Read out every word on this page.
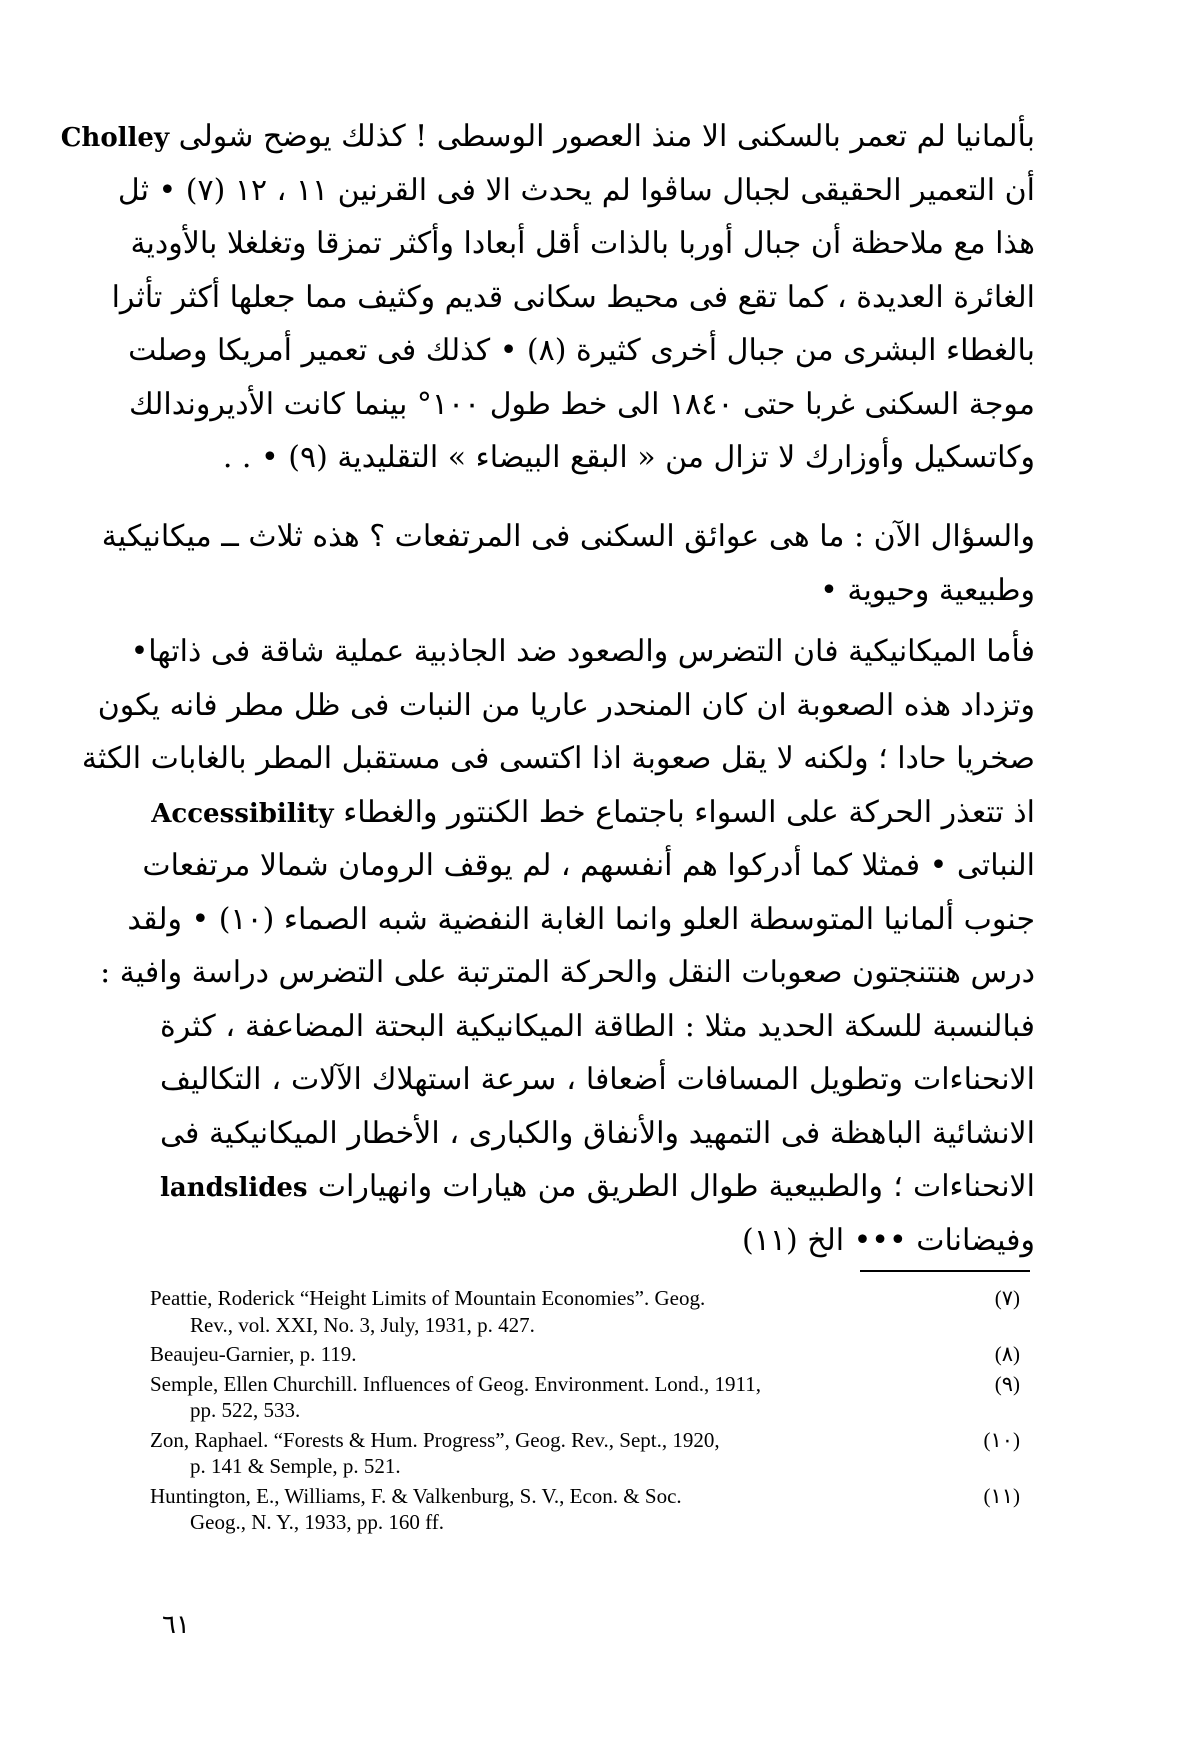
بألمانيا لم تعمر بالسكنى الا منذ العصور الوسطى ! كذلك يوضح شولى Cholley
أن التعمير الحقيقى لجبال ساڤوا لم يحدث الا فى القرنين ١١ ، ١٢ (٧) • ثل
هذا مع ملاحظة أن جبال أوربا بالذات أقل أبعادا وأكثر تمزقا وتغلغلا بالأودية
الغائرة العديدة ، كما تقع فى محيط سكانى قديم وكثيف مما جعلها أكثر تأثرا
بالغطاء البشرى من جبال أخرى كثيرة (٨) • كذلك فى تعمير أمريكا وصلت
موجة السكنى غربا حتى ١٨٤٠ الى خط طول ١٠٠° بينما كانت الأديروندالك
وكاتسكيل وأوزارك لا تزال من « البقع البيضاء » التقليدية (٩) • . .
والسؤال الآن : ما هى عوائق السكنى فى المرتفعات ؟ هذه ثلاث ــ ميكانيكية
وطبيعية وحيوية •
فأما الميكانيكية فان التضرس والصعود ضد الجاذبية عملية شاقة فى ذاتها•
وتزداد هذه الصعوبة ان كان المنحدر عاريا من النبات فى ظل مطر فانه يكون
صخريا حادا ؛ ولكنه لا يقل صعوبة اذا اكتسى فى مستقبل المطر بالغابات الكثة
اذ تتعذر الحركة على السواء باجتماع خط الكنتور والغطاء Accessibility
النباتى • فمثلا كما أدركوا هم أنفسهم ، لم يوقف الرومان شمالا مرتفعات
جنوب ألمانيا المتوسطة العلو وانما الغابة النفضية شبه الصماء (١٠) • ولقد
درس هنتنجتون صعوبات النقل والحركة المترتبة على التضرس دراسة وافية :
فبالنسبة للسكة الحديد مثلا : الطاقة الميكانيكية البحتة المضاعفة ، كثرة
الانحناءات وتطويل المسافات أضعافا ، سرعة استهلاك الآلات ، التكاليف
الانشائية الباهظة فى التمهيد والأنفاق والكبارى ، الأخطار الميكانيكية فى
الانحناءات ؛ والطبيعية طوال الطريق من هيارات وانهيارات landslides
وفيضانات ••• الخ (١١)
(٧)
Peattie, Roderick “Height Limits of Mountain Economies”. Geog.
Rev., vol. XXI, No. 3, July, 1931, p. 427.
(٨)
Beaujeu-Garnier, p. 119.
(٩)
Semple, Ellen Churchill. Influences of Geog. Environment. Lond., 1911,
pp. 522, 533.
(١٠)
Zon, Raphael. “Forests & Hum. Progress”, Geog. Rev., Sept., 1920,
p. 141 & Semple, p. 521.
(١١)
Huntington, E., Williams, F. & Valkenburg, S. V., Econ. & Soc.
Geog., N. Y., 1933, pp. 160 ff.
٦١
